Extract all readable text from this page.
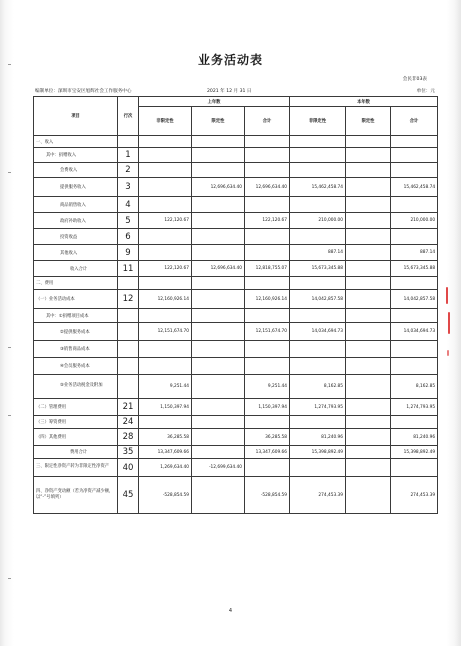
业务活动表
会民非03表
编制单位：深圳市宝安区旭辉社会工作服务中心	2021 年 12 月 31 日	单位：元
项目	行次	上年数			本年数		
		非限定性	限定性	合计	非限定性	限定性	合计
一、收入							
其中：捐赠收入	1						
会费收入	2						
提供服务收入	3		12,696,634.40	12,696,634.40	15,462,458.74		15,462,458.74
商品销售收入	4						
政府补助收入	5	122,120.67		122,120.67	210,000.00		210,000.00
投资收益	6						
其他收入	9				887.14		887.14
收入合计	11	122,120.67	12,696,634.40	12,818,755.07	15,673,345.88		15,673,345.88
二、费用							
（一）业务活动成本	12	12,160,926.14		12,160,926.14	14,042,857.58		14,042,857.58
其中：①捐赠项目成本							
②提供服务成本		12,151,674.70		12,151,674.70	14,034,694.73		14,034,694.73
③销售商品成本							
④会员服务成本							
⑤业务活动税金及附加		9,251.44		9,251.44	8,162.85		8,162.85
（二）管理费用	21	1,150,397.94		1,150,397.94	1,274,793.95		1,274,793.95
（三）筹资费用	24						
（四）其他费用	28	36,285.58		36,285.58	81,240.96		81,240.96
费用合计	35	13,347,609.66		13,347,609.66	15,398,892.49		15,398,892.49
三、限定性净资产转为非限定性净资产	40	1,269,634.40	-12,699,634.40				
四、净资产变动额（若为净资产减少额，以“-”号填列）	45	-528,854.59		-528,854.59	274,453.39		274,453.39
4
